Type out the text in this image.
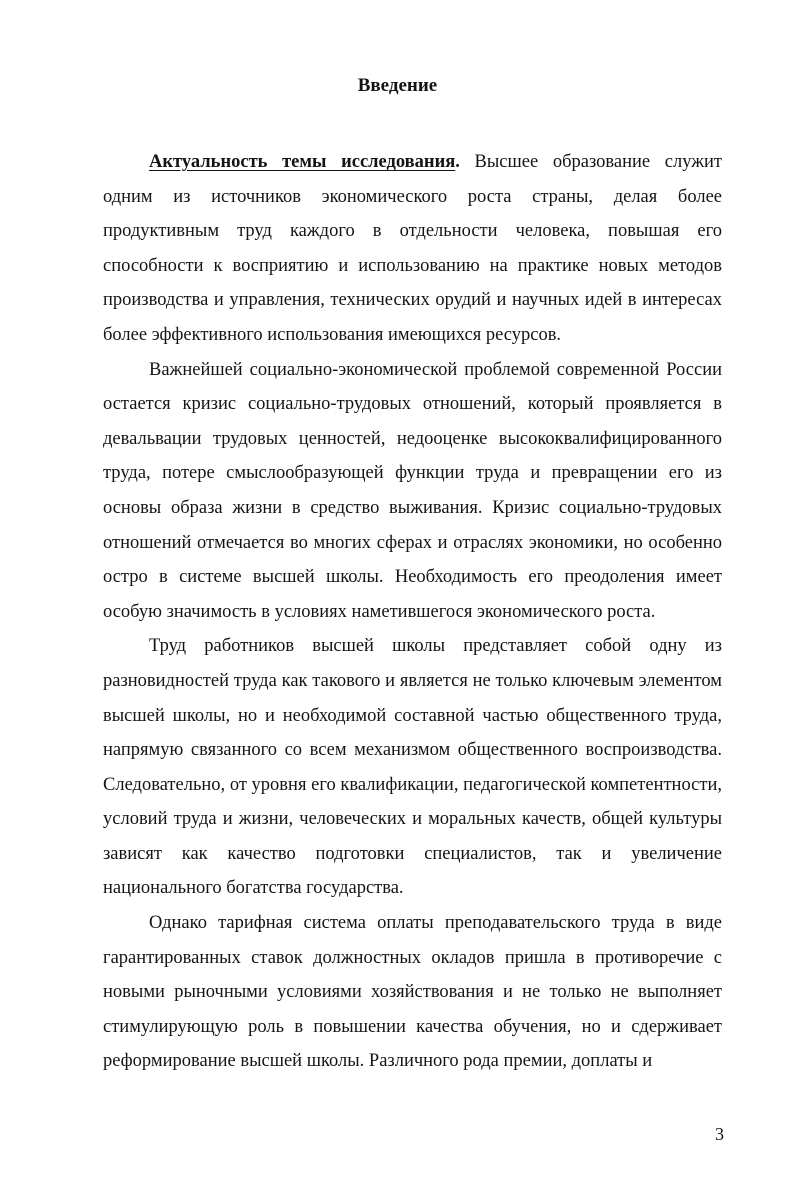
Введение

Актуальность темы исследования. Высшее образование служит одним из источников экономического роста страны, делая более продуктивным труд каждого в отдельности человека, повышая его способности к восприятию и использованию на практике новых методов производства и управления, технических орудий и научных идей в интересах более эффективного использования имеющихся ресурсов.

Важнейшей социально-экономической проблемой современной России остается кризис социально-трудовых отношений, который проявляется в девальвации трудовых ценностей, недооценке высококвалифицированного труда, потере смыслообразующей функции труда и превращении его из основы образа жизни в средство выживания. Кризис социально-трудовых отношений отмечается во многих сферах и отраслях экономики, но особенно остро в системе высшей школы. Необходимость его преодоления имеет особую значимость в условиях наметившегося экономического роста.

Труд работников высшей школы представляет собой одну из разновидностей труда как такового и является не только ключевым элементом высшей школы, но и необходимой составной частью общественного труда, напрямую связанного со всем механизмом общественного воспроизводства. Следовательно, от уровня его квалификации, педагогической компетентности, условий труда и жизни, человеческих и моральных качеств, общей культуры зависят как качество подготовки специалистов, так и увеличение национального богатства государства.

Однако тарифная система оплаты преподавательского труда в виде гарантированных ставок должностных окладов пришла в противоречие с новыми рыночными условиями хозяйствования и не только не выполняет стимулирующую роль в повышении качества обучения, но и сдерживает реформирование высшей школы. Различного рода премии, доплаты и

3
